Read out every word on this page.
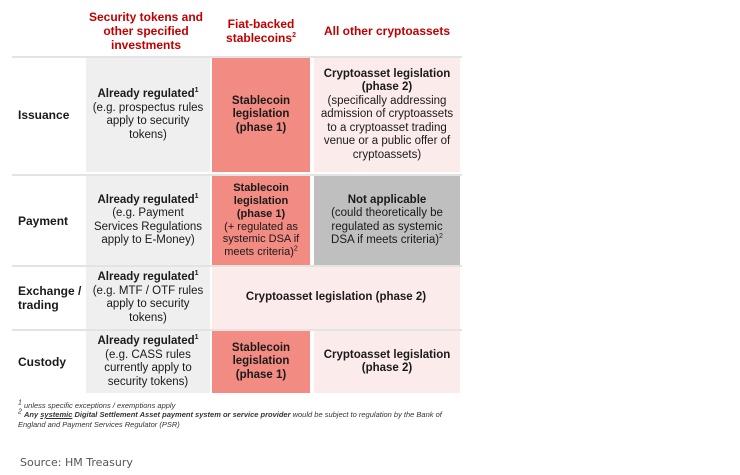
Security tokens and other specified investments
Fiat-backed stablecoins$^2$	All other cryptoassets
Issuance
Payment
Exchange / trading
Custody
Already regulated$^1$
(e.g. prospectus rules apply to security tokens)
Stablecoin legislation (phase 1)
Cryptoasset legislation (phase 2)
(specifically addressing admission of cryptoassets to a cryptoasset trading venue or a public offer of cryptoassets)
Already regulated$^1$
(e.g. Payment Services Regulations apply to E-Money)
Stablecoin legislation (phase 1)
(+ regulated as systemic DSA if meets criteria)$^2$
Not applicable
(could theoretically be regulated as systemic DSA if meets criteria)$^2$
Already regulated$^1$
(e.g. MTF / OTF rules apply to security tokens)
Cryptoasset legislation (phase 2)
Already regulated$^1$
(e.g. CASS rules currently apply to security tokens)
Stablecoin legislation (phase 1)
Cryptoasset legislation (phase 2)
$^1$ unless specific exceptions / exemptions apply
$^2$ Any systemic Digital Settlement Asset payment system or service provider would be subject to regulation by the Bank of England and Payment Services Regulator (PSR)
Source: HM Treasury
